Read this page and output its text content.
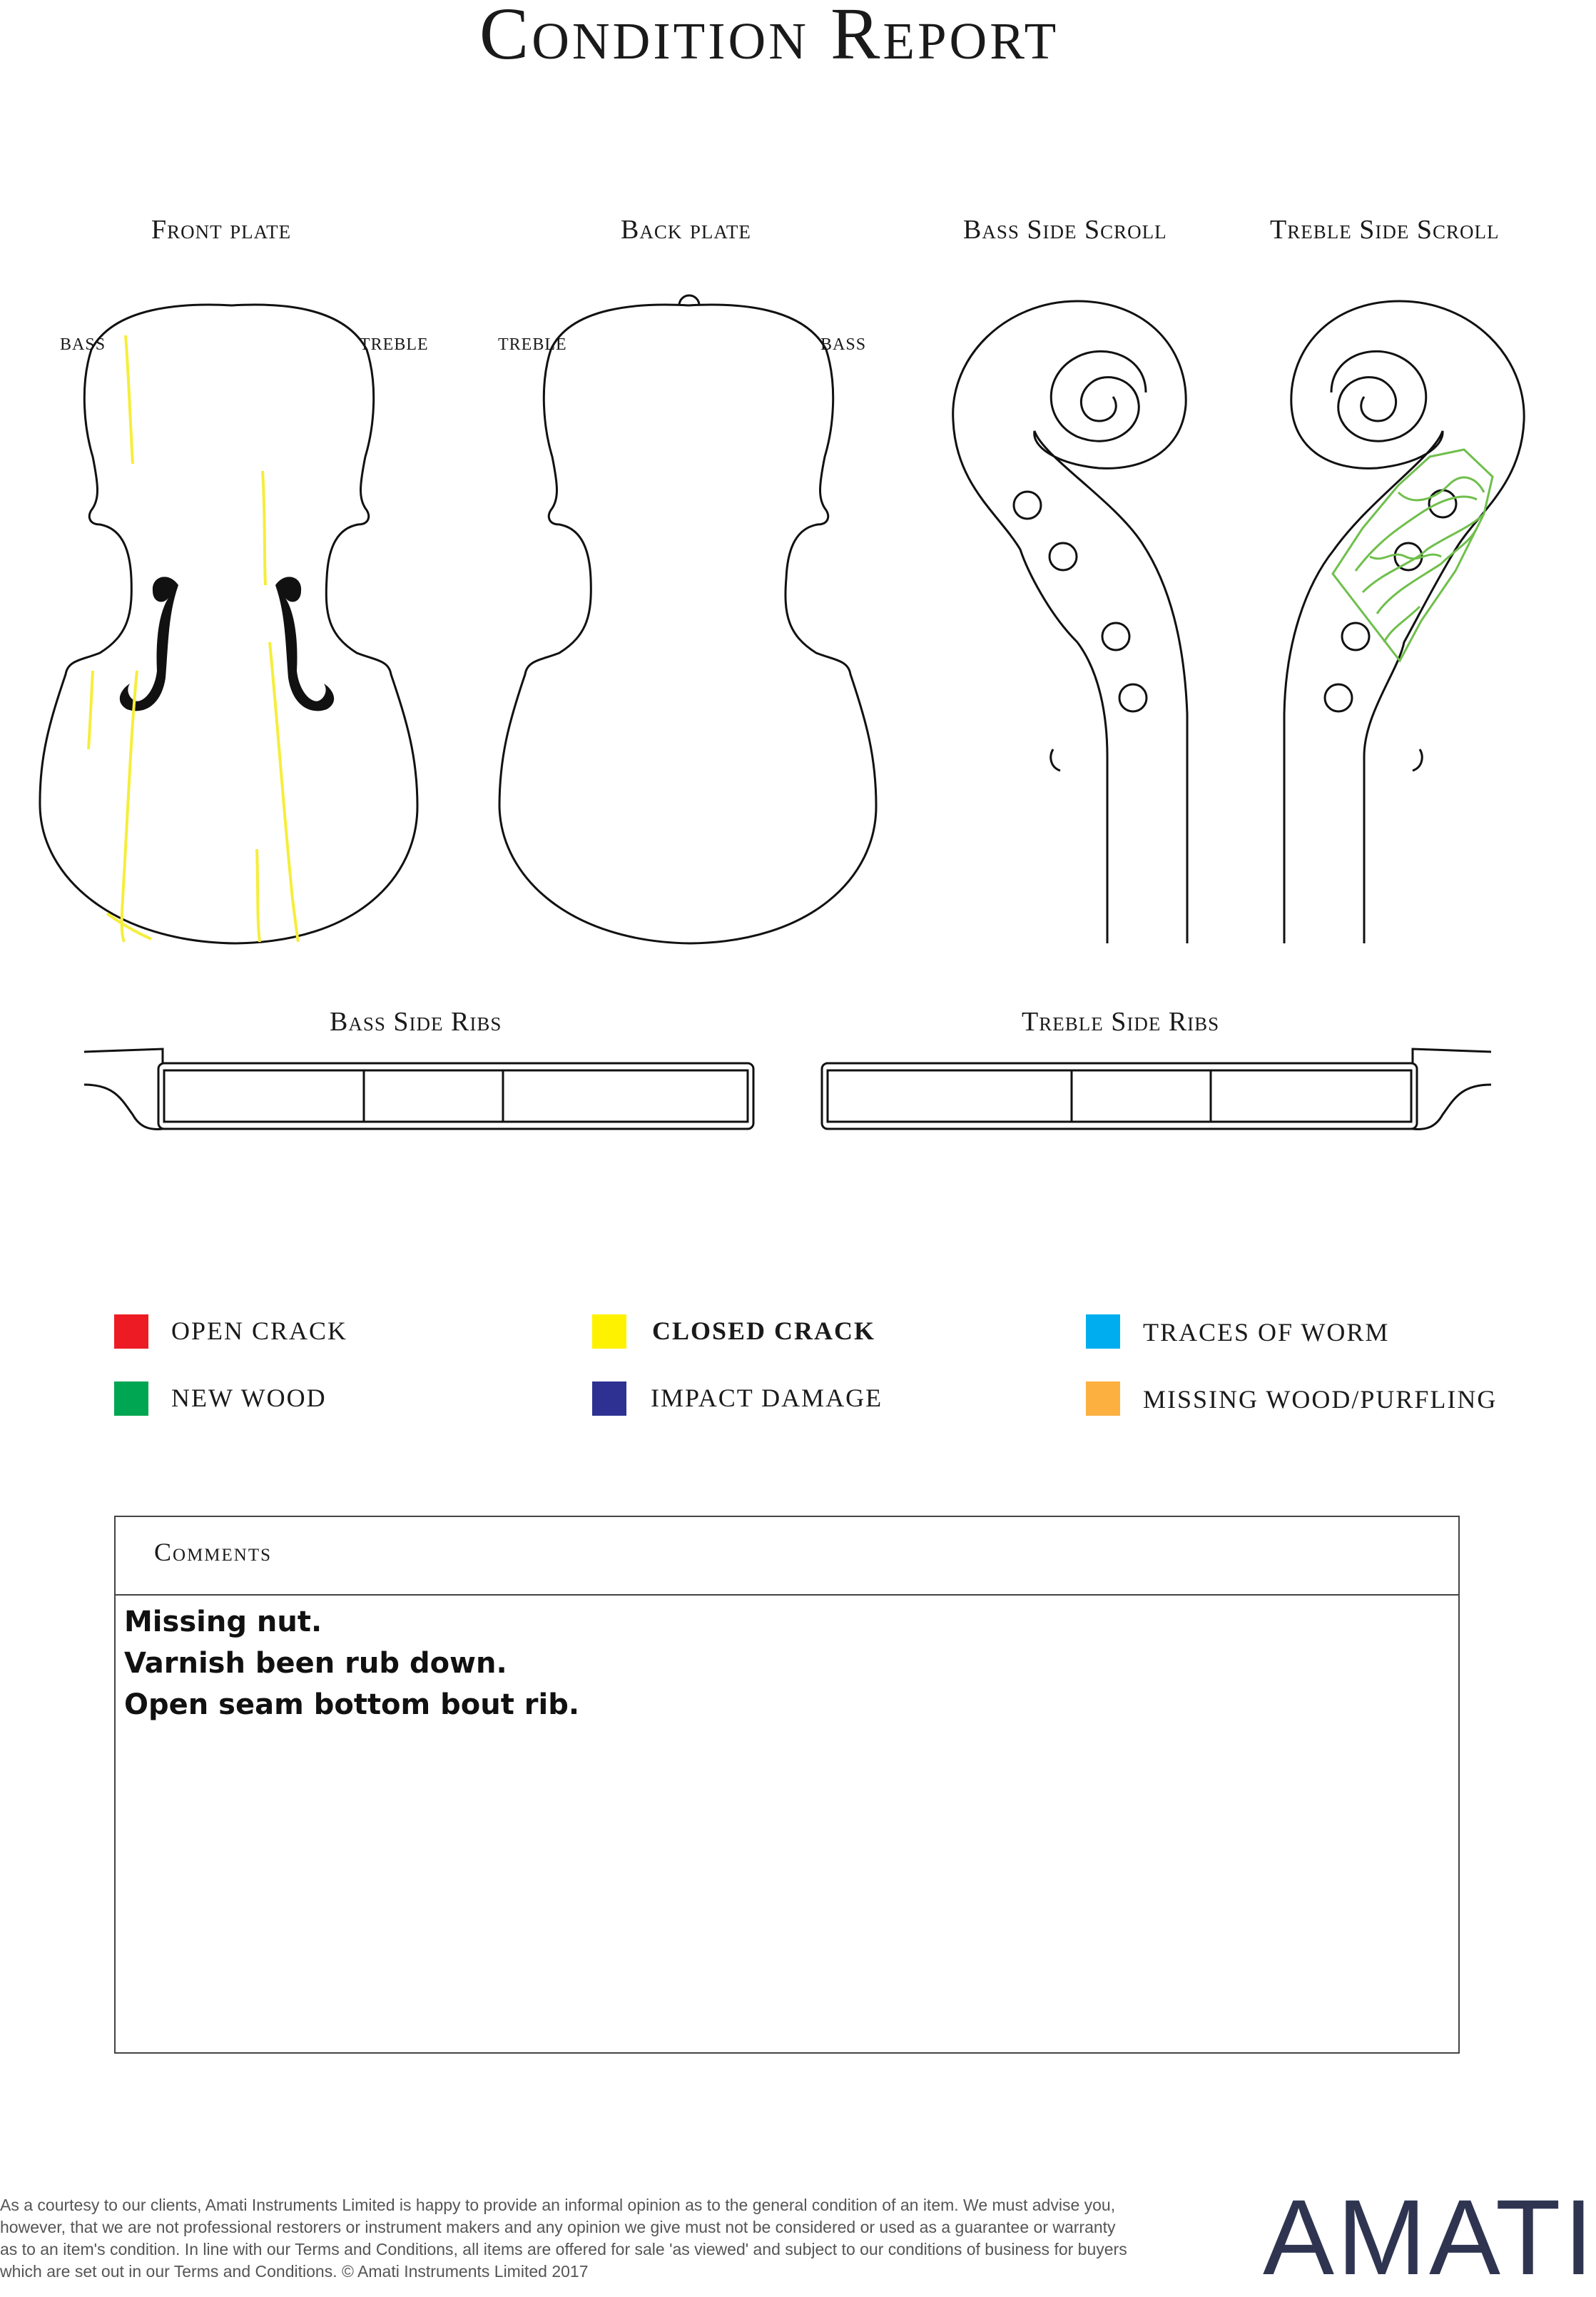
Condition Report
Front plate	Back plate	Bass Side Scroll	Treble Side Scroll
Bass Side Ribs	Treble Side Ribs
BASS	TREBLE	TREBLE	BASS
OPEN CRACK	CLOSED CRACK	TRACES OF WORM
NEW WOOD	IMPACT DAMAGE	MISSING WOOD/PURFLING
Comments
Missing nut.
Varnish been rub down.
Open seam bottom bout rib.
As a courtesy to our clients, Amati Instruments Limited is happy to provide an informal opinion as to the general condition of an item. We must advise you, however, that we are not professional restorers or instrument makers and any opinion we give must not be considered or used as a guarantee or warranty as to an item's condition. In line with our Terms and Conditions, all items are offered for sale 'as viewed' and subject to our conditions of business for buyers which are set out in our Terms and Conditions. © Amati Instruments Limited 2017	AMATI
